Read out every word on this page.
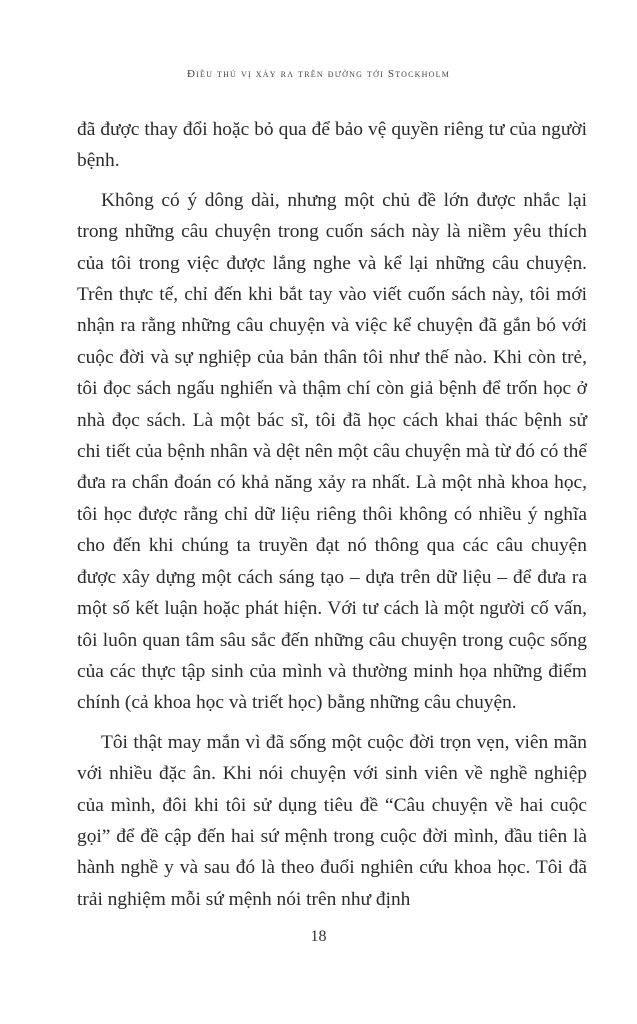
Điều thú vị xảy ra trên đường tới Stockholm

đã được thay đổi hoặc bỏ qua để bảo vệ quyền riêng tư của người bệnh.

Không có ý dông dài, nhưng một chủ đề lớn được nhắc lại trong những câu chuyện trong cuốn sách này là niềm yêu thích của tôi trong việc được lắng nghe và kể lại những câu chuyện. Trên thực tế, chỉ đến khi bắt tay vào viết cuốn sách này, tôi mới nhận ra rằng những câu chuyện và việc kể chuyện đã gắn bó với cuộc đời và sự nghiệp của bản thân tôi như thế nào. Khi còn trẻ, tôi đọc sách ngấu nghiến và thậm chí còn giả bệnh để trốn học ở nhà đọc sách. Là một bác sĩ, tôi đã học cách khai thác bệnh sử chi tiết của bệnh nhân và dệt nên một câu chuyện mà từ đó có thể đưa ra chẩn đoán có khả năng xảy ra nhất. Là một nhà khoa học, tôi học được rằng chỉ dữ liệu riêng thôi không có nhiều ý nghĩa cho đến khi chúng ta truyền đạt nó thông qua các câu chuyện được xây dựng một cách sáng tạo – dựa trên dữ liệu – để đưa ra một số kết luận hoặc phát hiện. Với tư cách là một người cố vấn, tôi luôn quan tâm sâu sắc đến những câu chuyện trong cuộc sống của các thực tập sinh của mình và thường minh họa những điểm chính (cả khoa học và triết học) bằng những câu chuyện.

Tôi thật may mắn vì đã sống một cuộc đời trọn vẹn, viên mãn với nhiều đặc ân. Khi nói chuyện với sinh viên về nghề nghiệp của mình, đôi khi tôi sử dụng tiêu đề “Câu chuyện về hai cuộc gọi” để đề cập đến hai sứ mệnh trong cuộc đời mình, đầu tiên là hành nghề y và sau đó là theo đuổi nghiên cứu khoa học. Tôi đã trải nghiệm mỗi sứ mệnh nói trên như định

18
